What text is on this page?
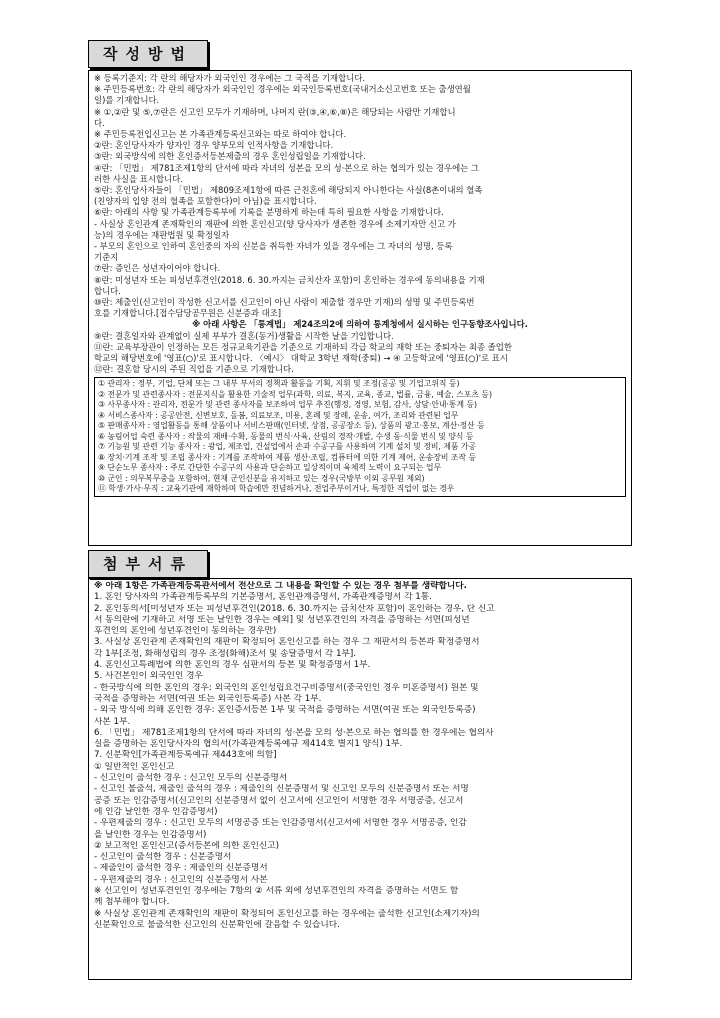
작성방법
※ 등록기준지: 각 란의 해당자가 외국인인 경우에는 그 국적을 기재합니다.
※ 주민등록번호: 각 란의 해당자가 외국인인 경우에는 외국인등록번호(국내거소신고번호 또는 출생연월
일)를 기재합니다.
※ ①,②란 및 ⑤,⑦란은 신고인 모두가 기재하며, 나머지 란(③,④,⑥,⑧)은 해당되는 사람만 기재합니
다.
※ 주민등록전입신고는 본 가족관계등록신고와는 따로 하여야 합니다.
②란: 혼인당사자가 양자인 경우 양부모의 인적사항을 기재합니다.
③란: 외국방식에 의한 혼인증서등본제출의 경우 혼인성립일을 기재합니다.
④란: 「민법」 제781조제1항의 단서에 따라 자녀의 성본을 모의 성·본으로 하는 협의가 있는 경우에는 그
러한 사실을 표시합니다.
⑤란: 혼인당사자들이 「민법」 제809조제1항에 따른 근친혼에 해당되지 아니한다는 사실(8촌이내의 혈족
(친양자의 입양 전의 혈족을 포함한다)이 아님)을 표시합니다.
⑥란: 아래의 사항 및 가족관계등록부에 기록을 분명하게 하는데 특히 필요한 사항을 기재합니다.
- 사실상 혼인관계 존재확인의 재판에 의한 혼인신고(양 당사자가 생존한 경우에 소제기자만 신고 가
능)의 경우에는 재판법원 및 확정일자
- 부모의 혼인으로 인하여 혼인중의 자의 신분을 취득한 자녀가 있을 경우에는 그 자녀의 성명, 등록
기준지
⑦란: 증인은 성년자이어야 합니다.
⑧란: 미성년자 또는 피성년후견인(2018. 6. 30.까지는 금치산자 포함)이 혼인하는 경우에 동의내용을 기재
합니다.
⑩란: 제출인(신고인이 작성한 신고서를 신고인이 아닌 사람이 제출할 경우만 기재)의 성명 및 주민등록번
호를 기재합니다.[접수담당공무원은 신분증과 대조]
※ 아래 사항은 「통계법」 제24조의2에 의하여 통계청에서 실시하는 인구동향조사입니다.
⑨란: 결혼일자와 관계없이 실제 부부가 결혼(동거)생활을 시작한 날을 기입합니다.
⑪란: 교육부장관이 인정하는 모든 정규교육기관을 기준으로 기재하되 각급 학교의 재학 또는 중퇴자는 최종 졸업한
학교의 해당번호에 '영표(○)'로 표시합니다. 〈예시〉 대학교 3학년 재학(중퇴) → ④ 고등학교에 '영표(○)'로 표시
⑫란: 결혼할 당시의 주된 직업을 기준으로 기재합니다.
① 관리자 : 정부, 기업, 단체 또는 그 내부 부서의 정책과 활동을 기획, 지휘 및 조정(공공 및 기업고위직 등)
② 전문가 및 관련종사자 : 전문지식을 활용한 기술적 업무(과학, 의료, 복지, 교육, 종교, 법률, 금융, 예술, 스포츠 등)
③ 사무종사자 : 관리자, 전문가 및 관련 종사자를 보조하여 업무 추진(행정, 경영, 보험, 감사, 상담·안내·통계 등)
④ 서비스종사자 : 공공안전, 신변보호, 돌봄, 의료보조, 미용, 혼례 및 장례, 운송, 여가, 조리와 관련된 업무
⑤ 판매종사자 : 영업활동을 통해 상품이나 서비스판매(인터넷, 상점, 공공장소 등), 상품의 광고·홍보, 계산·정산 등
⑥ 농림어업 숙련 종사자 : 작물의 재배·수확, 동물의 번식·사육, 산림의 경작·개발, 수생 동·식물 번식 및 양식 등
⑦ 기능원 및 관련 기능 종사자 : 광업, 제조업, 건설업에서 손과 수공구를 사용하여 기계 설치 및 정비, 제품 가공
⑧ 장치·기계 조작 및 조립 종사자 : 기계를 조작하여 제품 생산·조립, 컴퓨터에 의한 기계 제어, 운송장비 조작 등
⑨ 단순노무 종사자 : 주로 간단한 수공구의 사용과 단순하고 일상적이며 육체적 노력이 요구되는 업무
⑩ 군인 : 의무복무중을 포함하여, 현재 군인신분을 유지하고 있는 경우(국방부 이외 공무원 제외)
⑪ 학생·가사·무직 : 교육기관에 재학하며 학습에만 전념하거나, 전업주부이거나, 특정한 직업이 없는 경우
첨부서류
※ 아래 1항은 가족관계등록관서에서 전산으로 그 내용을 확인할 수 있는 경우 첨부를 생략합니다.
1. 혼인 당사자의 가족관계등록부의 기본증명서, 혼인관계증명서, 가족관계증명서 각 1통.
2. 혼인동의서[미성년자 또는 피성년후견인(2018. 6. 30.까지는 금치산자 포함)이 혼인하는 경우, 단 신고
서 동의란에 기재하고 서명 또는 날인한 경우는 예외] 및 성년후견인의 자격을 증명하는 서면(피성년
후견인의 혼인에 성년후견인이 동의하는 경우만)
3. 사실상 혼인관계 존재확인의 재판이 확정되어 혼인신고를 하는 경우 그 재판서의 등본과 확정증명서
각 1부[조정, 화해성립의 경우 조정(화해)조서 및 송달증명서 각 1부].
4. 혼인신고특례법에 의한 혼인의 경우 심판서의 등본 및 확정증명서 1부.
5. 사건본인이 외국인인 경우
- 한국방식에 의한 혼인의 경우: 외국인의 혼인성립요건구비증명서(중국인인 경우 미혼증명서) 원본 및
국적을 증명하는 서면(여권 또는 외국인등록증) 사본 각 1부.
- 외국 방식에 의해 혼인한 경우: 혼인증서등본 1부 및 국적을 증명하는 서면(여권 또는 외국인등록증)
사본 1부.
6. 「민법」 제781조제1항의 단서에 따라 자녀의 성·본을 모의 성·본으로 하는 협의를 한 경우에는 협의사
실을 증명하는 혼인당사자의 협의서(가족관계등록예규 제414호 별지1 양식) 1부.
7. 신분확인[가족관계등록예규 제443호에 의함]
① 일반적인 혼인신고
- 신고인이 출석한 경우 : 신고인 모두의 신분증명서
- 신고인 불출석, 제출인 출석의 경우 : 제출인의 신분증명서 및 신고인 모두의 신분증명서 또는 서명
공증 또는 인감증명서(신고인의 신분증명서 없이 신고서에 신고인이 서명한 경우 서명공증, 신고서
에 인감 날인한 경우 인감증명서)
- 우편제출의 경우 : 신고인 모두의 서명공증 또는 인감증명서(신고서에 서명한 경우 서명공증, 인감
을 날인한 경우는 인감증명서)
② 보고적인 혼인신고(증서등본에 의한 혼인신고)
- 신고인이 출석한 경우 : 신분증명서
- 제출인이 출석한 경우 : 제출인의 신분증명서
- 우편제출의 경우 : 신고인의 신분증명서 사본
※ 신고인이 성년후견인인 경우에는 7항의 ② 서류 외에 성년후견인의 자격을 증명하는 서면도 함
께 첨부해야 합니다.
※ 사실상 혼인관계 존재확인의 재판이 확정되어 혼인신고를 하는 경우에는 출석한 신고인(소제기자)의
신분확인으로 불출석한 신고인의 신분확인에 갈음할 수 있습니다.
